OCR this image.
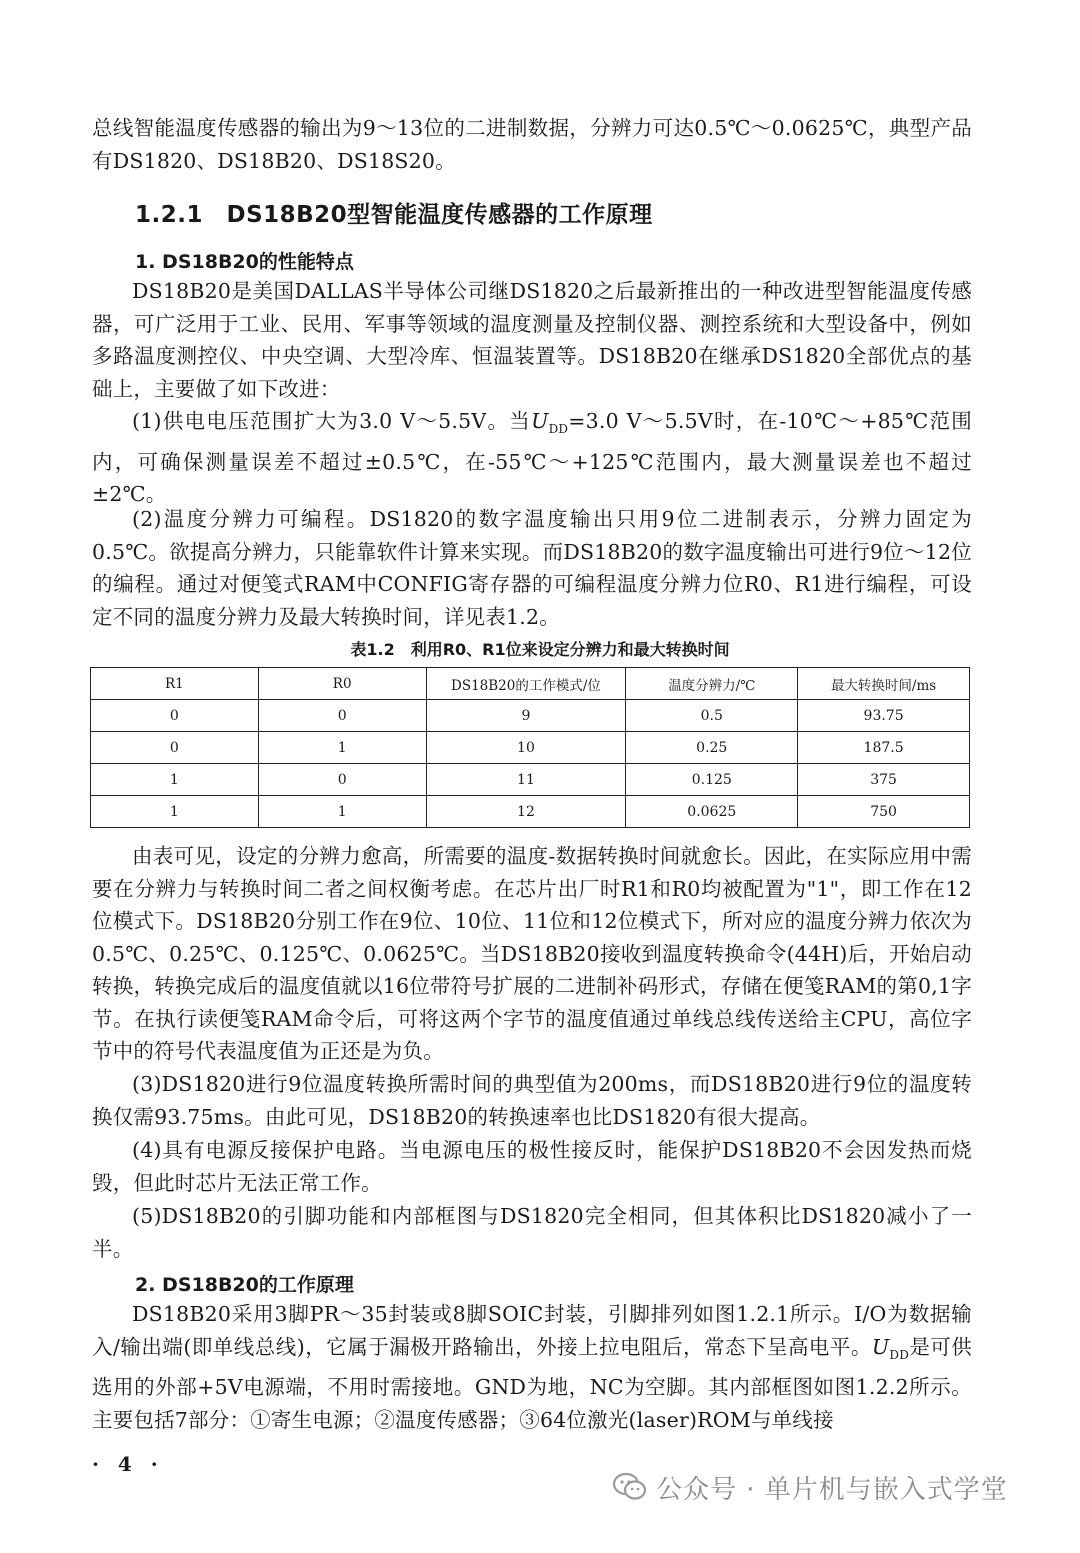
总线智能温度传感器的输出为9～13位的二进制数据，分辨力可达0.5℃～0.0625℃，典型产品有DS1820、DS18B20、DS18S20。

1.2.1　DS18B20型智能温度传感器的工作原理
1. DS18B20的性能特点

DS18B20是美国DALLAS半导体公司继DS1820之后最新推出的一种改进型智能温度传感器，可广泛用于工业、民用、军事等领域的温度测量及控制仪器、测控系统和大型设备中，例如多路温度测控仪、中央空调、大型冷库、恒温装置等。DS18B20在继承DS1820全部优点的基础上，主要做了如下改进：

(1)供电电压范围扩大为3.0 V～5.5V。当$U_{DD}=3.0$ V～5.5V时，在-10℃～+85℃范围内，可确保测量误差不超过±0.5℃，在-55℃～+125℃范围内，最大测量误差也不超过±2℃。

(2)温度分辨力可编程。DS1820的数字温度输出只用9位二进制表示，分辨力固定为0.5℃。欲提高分辨力，只能靠软件计算来实现。而DS18B20的数字温度输出可进行9位～12位的编程。通过对便笺式RAM中CONFIG寄存器的可编程温度分辨力位R0、R1进行编程，可设定不同的温度分辨力及最大转换时间，详见表1.2。

表1.2　利用R0、R1位来设定分辨力和最大转换时间
R1	R0	DS18B20的工作模式/位	温度分辨力/℃	最大转换时间/ms
0	0	9	0.5	93.75
0	1	10	0.25	187.5
1	0	11	0.125	375
1	1	12	0.0625	750

由表可见，设定的分辨力愈高，所需要的温度-数据转换时间就愈长。因此，在实际应用中需要在分辨力与转换时间二者之间权衡考虑。在芯片出厂时R1和R0均被配置为"1"，即工作在12位模式下。DS18B20分别工作在9位、10位、11位和12位模式下，所对应的温度分辨力依次为0.5℃、0.25℃、0.125℃、0.0625℃。当DS18B20接收到温度转换命令(44H)后，开始启动转换，转换完成后的温度值就以16位带符号扩展的二进制补码形式，存储在便笺RAM的第0,1字节。在执行读便笺RAM命令后，可将这两个字节的温度值通过单线总线传送给主CPU，高位字节中的符号代表温度值为正还是为负。

(3)DS1820进行9位温度转换所需时间的典型值为200ms，而DS18B20进行9位的温度转换仅需93.75ms。由此可见，DS18B20的转换速率也比DS1820有很大提高。

(4)具有电源反接保护电路。当电源电压的极性接反时，能保护DS18B20不会因发热而烧毁，但此时芯片无法正常工作。

(5)DS18B20的引脚功能和内部框图与DS1820完全相同，但其体积比DS1820减小了一半。

2. DS18B20的工作原理

DS18B20采用3脚PR～35封装或8脚SOIC封装，引脚排列如图1.2.1所示。I/O为数据输入/输出端(即单线总线)，它属于漏极开路输出，外接上拉电阻后，常态下呈高电平。$U_{DD}$是可供选用的外部+5V电源端，不用时需接地。GND为地，NC为空脚。其内部框图如图1.2.2所示。主要包括7部分：①寄生电源；②温度传感器；③64位激光(laser)ROM与单线接

· 4 ·
公众号 · 单片机与嵌入式学堂
